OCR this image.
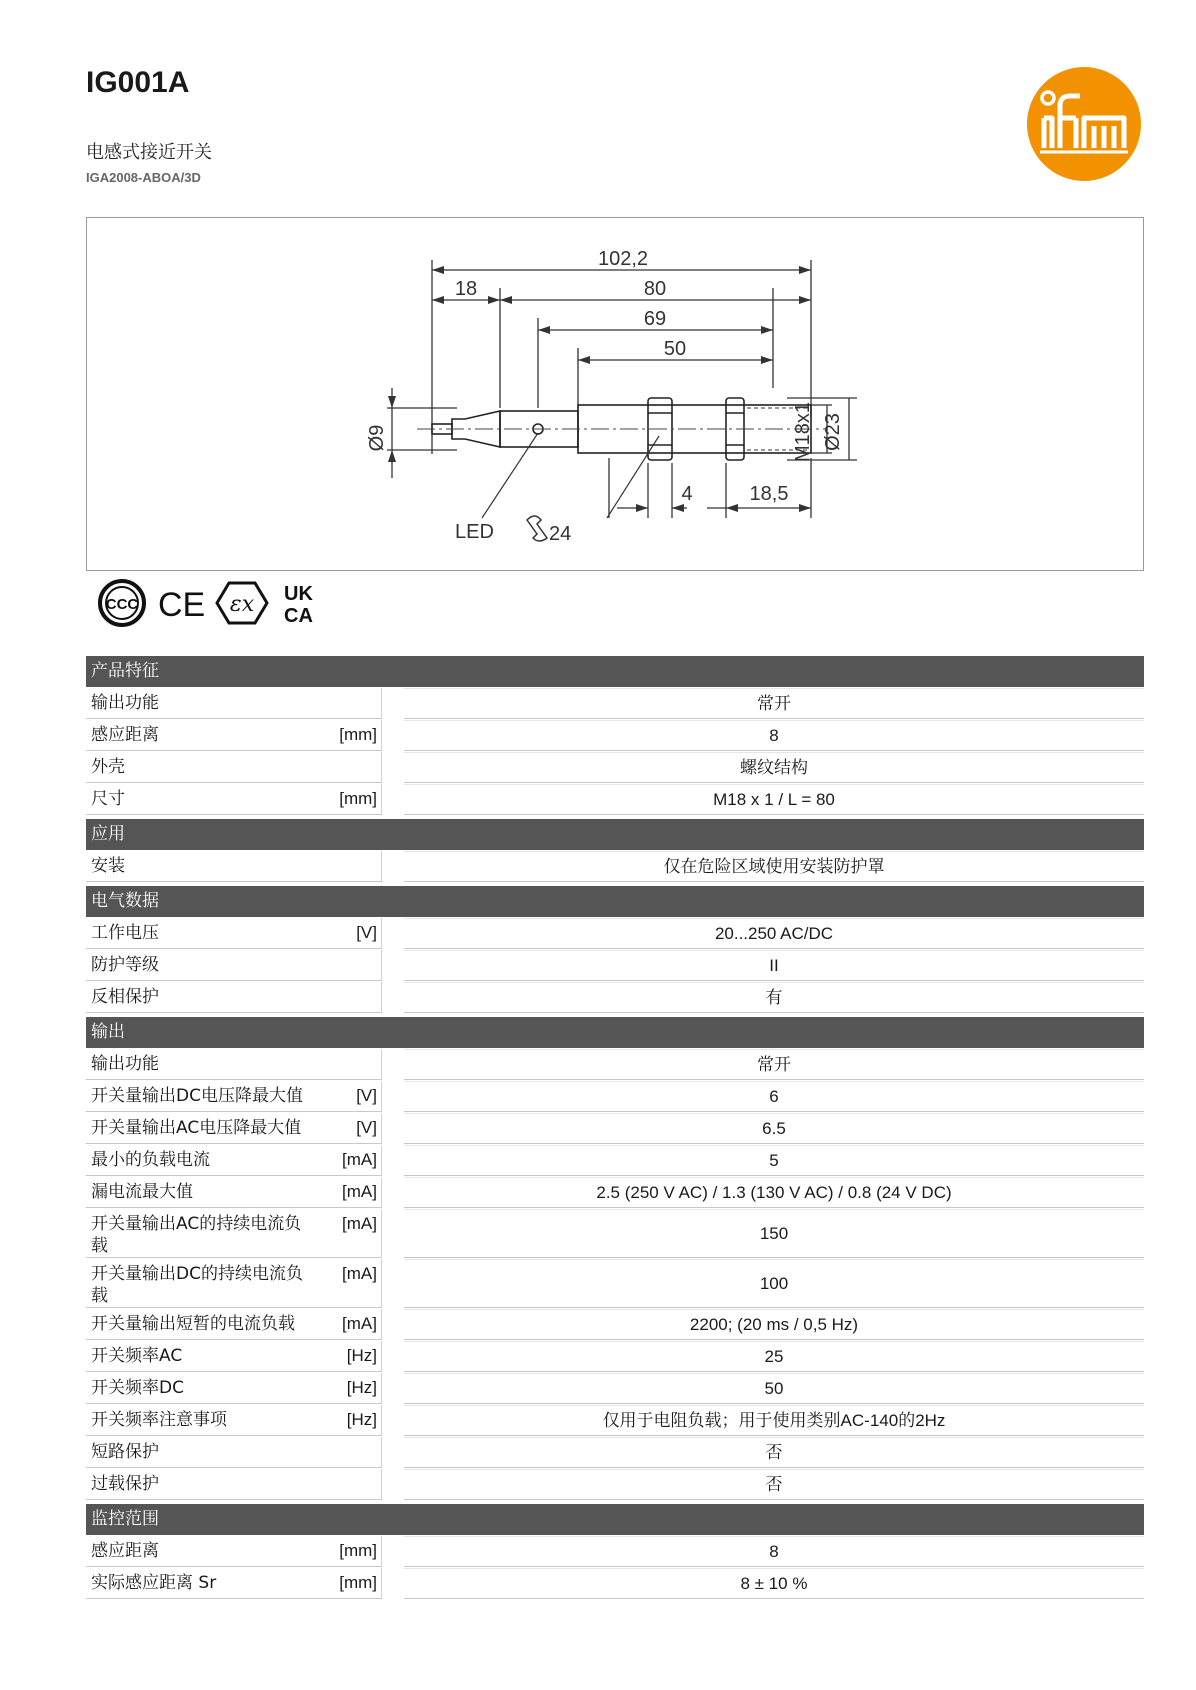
IG001A
电感式接近开关
IGA2008-ABOA/3D
102,2
18	80
69
50
Ø9	M18x1 Ø23
4	18,5
LED	24
CCC CE εx UK
CA
产品特征
输出功能	常开
感应距离	[mm]	8
外壳	螺纹结构
尺寸	[mm]	M18 x 1 / L = 80
应用
安装	仅在危险区域使用安装防护罩
电气数据
工作电压	[V]	20...250 AC/DC
防护等级	II
反相保护	有
输出
输出功能	常开
开关量输出DC电压降最大值	[V]	6
开关量输出AC电压降最大值	[V]	6.5
最小的负载电流	[mA]	5
漏电流最大值	[mA]	2.5 (250 V AC) / 1.3 (130 V AC) / 0.8 (24 V DC)
开关量输出AC的持续电流负载
[mA]	150
开关量输出DC的持续电流负载
[mA]	100
开关量输出短暂的电流负载	[mA]	2200; (20 ms / 0,5 Hz)
开关频率AC	[Hz]	25
开关频率DC	[Hz]	50
开关频率注意事项	[Hz]	仅用于电阻负载；用于使用类别AC-140的2Hz
短路保护	否
过载保护	否
监控范围
感应距离	[mm]	8
实际感应距离 Sr	[mm]	8 ± 10 %
